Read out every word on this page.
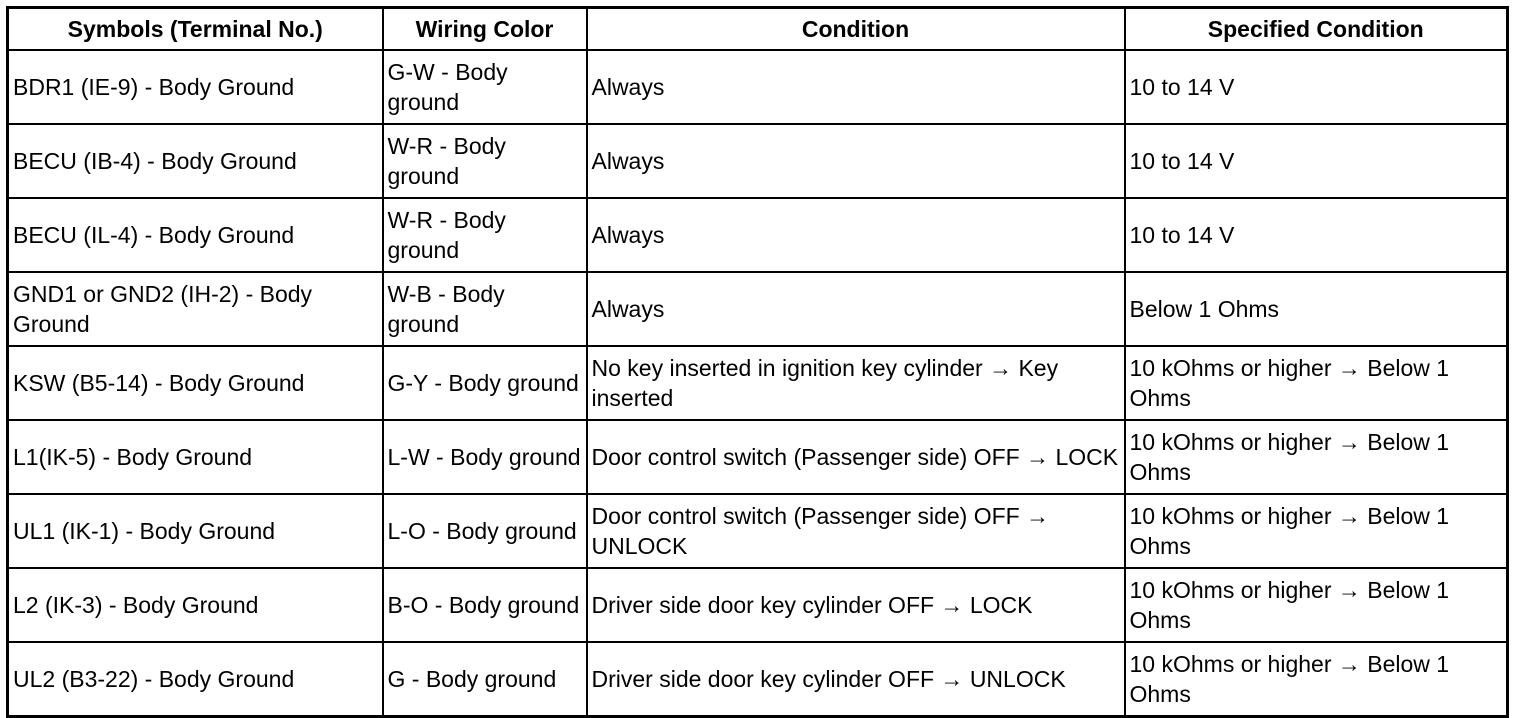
Symbols (Terminal No.)	Wiring Color	Condition	Specified Condition
BDR1 (IE-9) - Body Ground	G-W - Body ground	Always	10 to 14 V
BECU (IB-4) - Body Ground	W-R - Body ground	Always	10 to 14 V
BECU (IL-4) - Body Ground	W-R - Body ground	Always	10 to 14 V
GND1 or GND2 (IH-2) - Body Ground	W-B - Body ground	Always	Below 1 Ohms
KSW (B5-14) - Body Ground	G-Y - Body ground	No key inserted in ignition key cylinder → Key inserted	10 kOhms or higher → Below 1 Ohms
L1(IK-5) - Body Ground	L-W - Body ground	Door control switch (Passenger side) OFF → LOCK	10 kOhms or higher → Below 1 Ohms
UL1 (IK-1) - Body Ground	L-O - Body ground	Door control switch (Passenger side) OFF → UNLOCK	10 kOhms or higher → Below 1 Ohms
L2 (IK-3) - Body Ground	B-O - Body ground	Driver side door key cylinder OFF → LOCK	10 kOhms or higher → Below 1 Ohms
UL2 (B3-22) - Body Ground	G - Body ground	Driver side door key cylinder OFF → UNLOCK	10 kOhms or higher → Below 1 Ohms
